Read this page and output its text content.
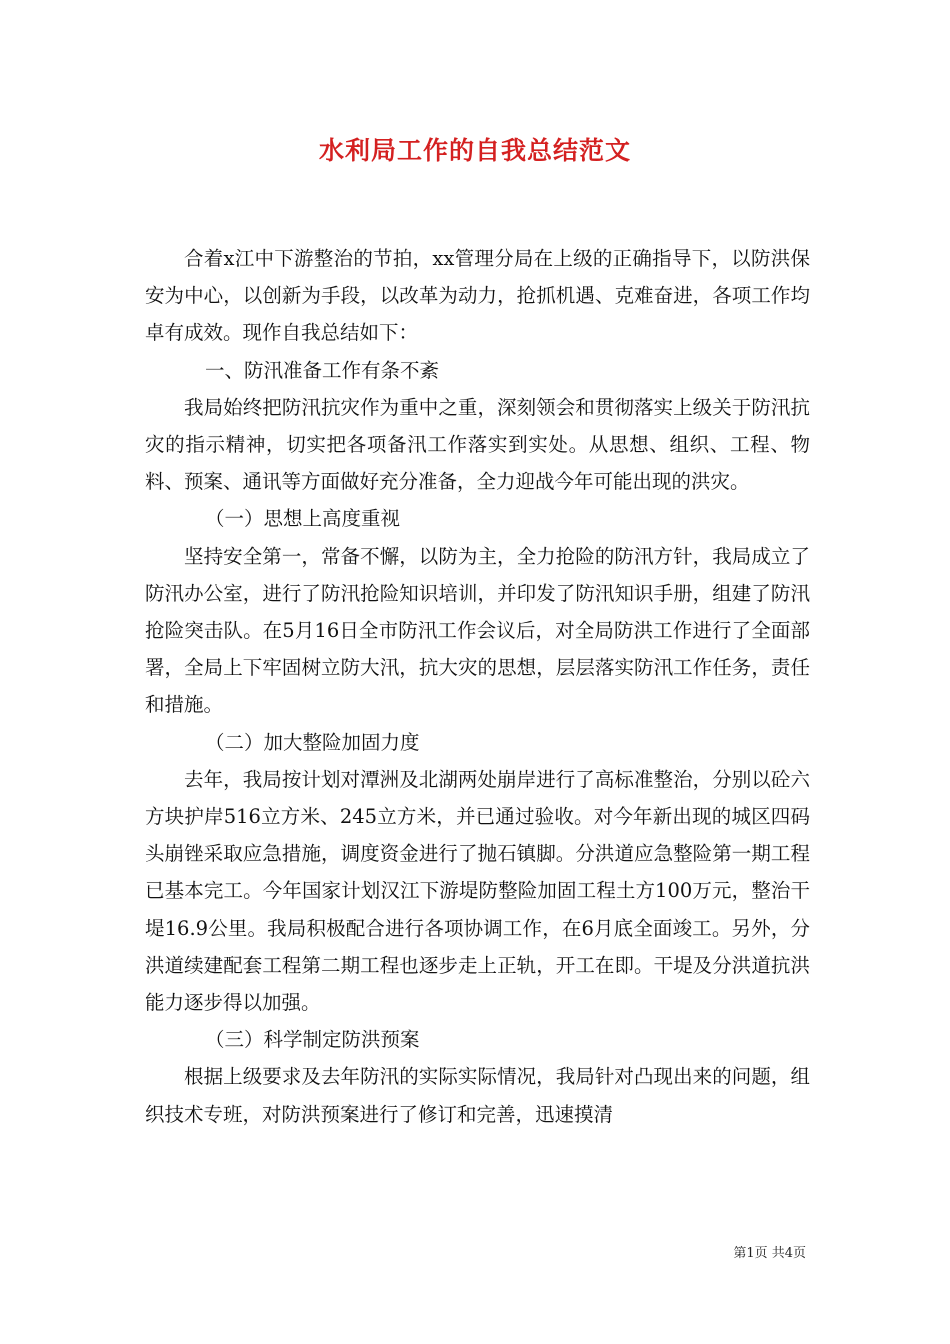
水利局工作的自我总结范文

合着x江中下游整治的节拍，xx管理分局在上级的正确指导下，以防洪保安为中心，以创新为手段，以改革为动力，抢抓机遇、克难奋进，各项工作均卓有成效。现作自我总结如下：

一、防汛准备工作有条不紊

我局始终把防汛抗灾作为重中之重，深刻领会和贯彻落实上级关于防汛抗灾的指示精神，切实把各项备汛工作落实到实处。从思想、组织、工程、物料、预案、通讯等方面做好充分准备，全力迎战今年可能出现的洪灾。

（一）思想上高度重视

坚持安全第一，常备不懈，以防为主，全力抢险的防汛方针，我局成立了防汛办公室，进行了防汛抢险知识培训，并印发了防汛知识手册，组建了防汛抢险突击队。在5月16日全市防汛工作会议后，对全局防洪工作进行了全面部署，全局上下牢固树立防大汛，抗大灾的思想，层层落实防汛工作任务，责任和措施。

（二）加大整险加固力度

去年，我局按计划对潭洲及北湖两处崩岸进行了高标准整治，分别以砼六方块护岸516立方米、245立方米，并已通过验收。对今年新出现的城区四码头崩锉采取应急措施，调度资金进行了抛石镇脚。分洪道应急整险第一期工程已基本完工。今年国家计划汉江下游堤防整险加固工程土方100万元，整治干堤16.9公里。我局积极配合进行各项协调工作，在6月底全面竣工。另外，分洪道续建配套工程第二期工程也逐步走上正轨，开工在即。干堤及分洪道抗洪能力逐步得以加强。

（三）科学制定防洪预案

根据上级要求及去年防汛的实际实际情况，我局针对凸现出来的问题，组织技术专班，对防洪预案进行了修订和完善，迅速摸清

第1页 共4页
